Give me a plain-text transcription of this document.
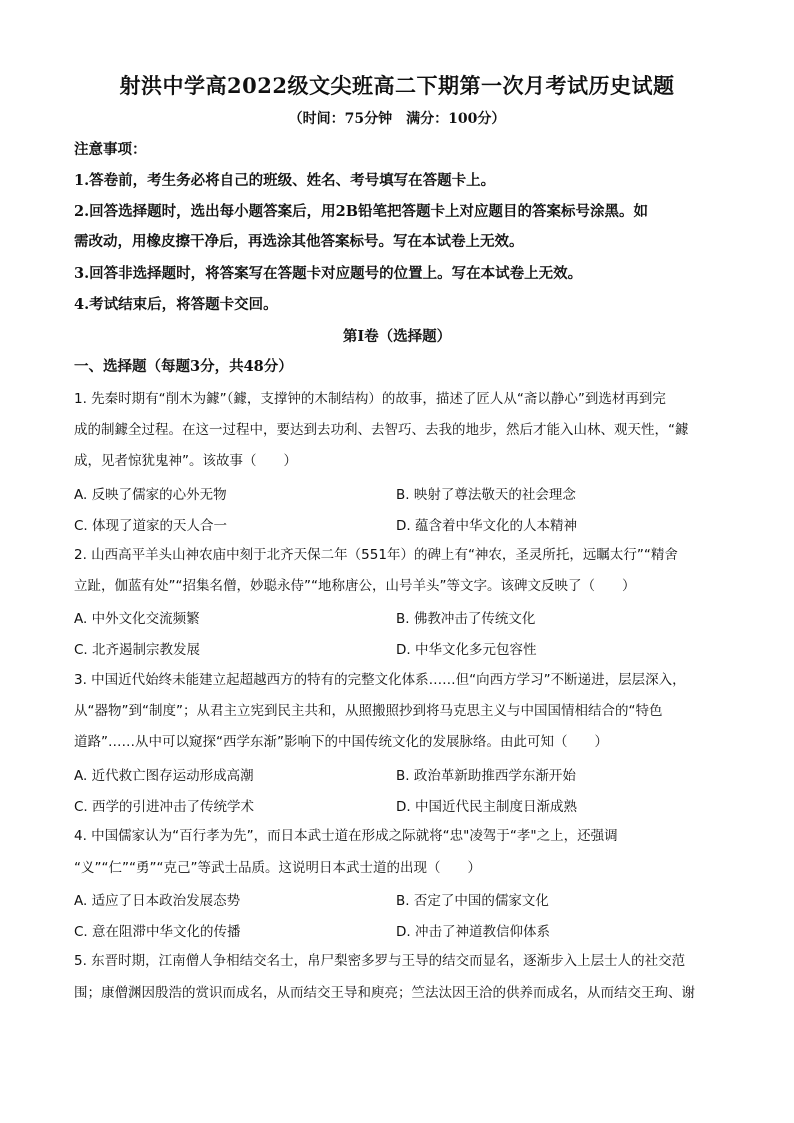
射洪中学高2022级文尖班高二下期第一次月考试历史试题
（时间：75分钟　满分：100分）
注意事项：
1.答卷前，考生务必将自己的班级、姓名、考号填写在答题卡上。
2.回答选择题时，选出每小题答案后，用2B铅笔把答题卡上对应题目的答案标号涂黑。如
需改动，用橡皮擦干净后，再选涂其他答案标号。写在本试卷上无效。
3.回答非选择题时，将答案写在答题卡对应题号的位置上。写在本试卷上无效。
4.考试结束后，将答题卡交回。
第Ⅰ卷（选择题）
一、选择题（每题3分，共48分）
1. 先秦时期有“削木为鐻”（鐻，支撑钟的木制结构）的故事，描述了匠人从“斋以静心”到选材再到完
成的制鐻全过程。在这一过程中，要达到去功利、去智巧、去我的地步，然后才能入山林、观天性，“鐻
成，见者惊犹鬼神”。该故事（　　）
A. 反映了儒家的心外无物	B. 映射了尊法敬天的社会理念
C. 体现了道家的天人合一	D. 蕴含着中华文化的人本精神
2. 山西高平羊头山神农庙中刻于北齐天保二年（551年）的碑上有“神农，圣灵所托，远瞩太行”“精舍
立趾，伽蓝有处”“招集名僧，妙聪永侍”“地称唐公，山号羊头”等文字。该碑文反映了（　　）
A. 中外文化交流频繁	B. 佛教冲击了传统文化
C. 北齐遏制宗教发展	D. 中华文化多元包容性
3. 中国近代始终未能建立起超越西方的特有的完整文化体系……但“向西方学习”不断递进，层层深入，
从“器物”到“制度”；从君主立宪到民主共和，从照搬照抄到将马克思主义与中国国情相结合的“特色
道路”……从中可以窥探“西学东渐”影响下的中国传统文化的发展脉络。由此可知（　　）
A. 近代救亡图存运动形成高潮	B. 政治革新助推西学东渐开始
C. 西学的引进冲击了传统学术	D. 中国近代民主制度日渐成熟
4. 中国儒家认为“百行孝为先”，而日本武士道在形成之际就将“忠"凌驾于“孝"之上，还强调
“义”“仁”“勇”“克己”等武士品质。这说明日本武士道的出现（　　）
A. 适应了日本政治发展态势	B. 否定了中国的儒家文化
C. 意在阻滞中华文化的传播	D. 冲击了神道教信仰体系
5. 东晋时期，江南僧人争相结交名士，帛尸梨密多罗与王导的结交而显名，逐渐步入上层士人的社交范
围；康僧渊因殷浩的赏识而成名，从而结交王导和庾亮；竺法汰因王洽的供养而成名，从而结交王珣、谢
